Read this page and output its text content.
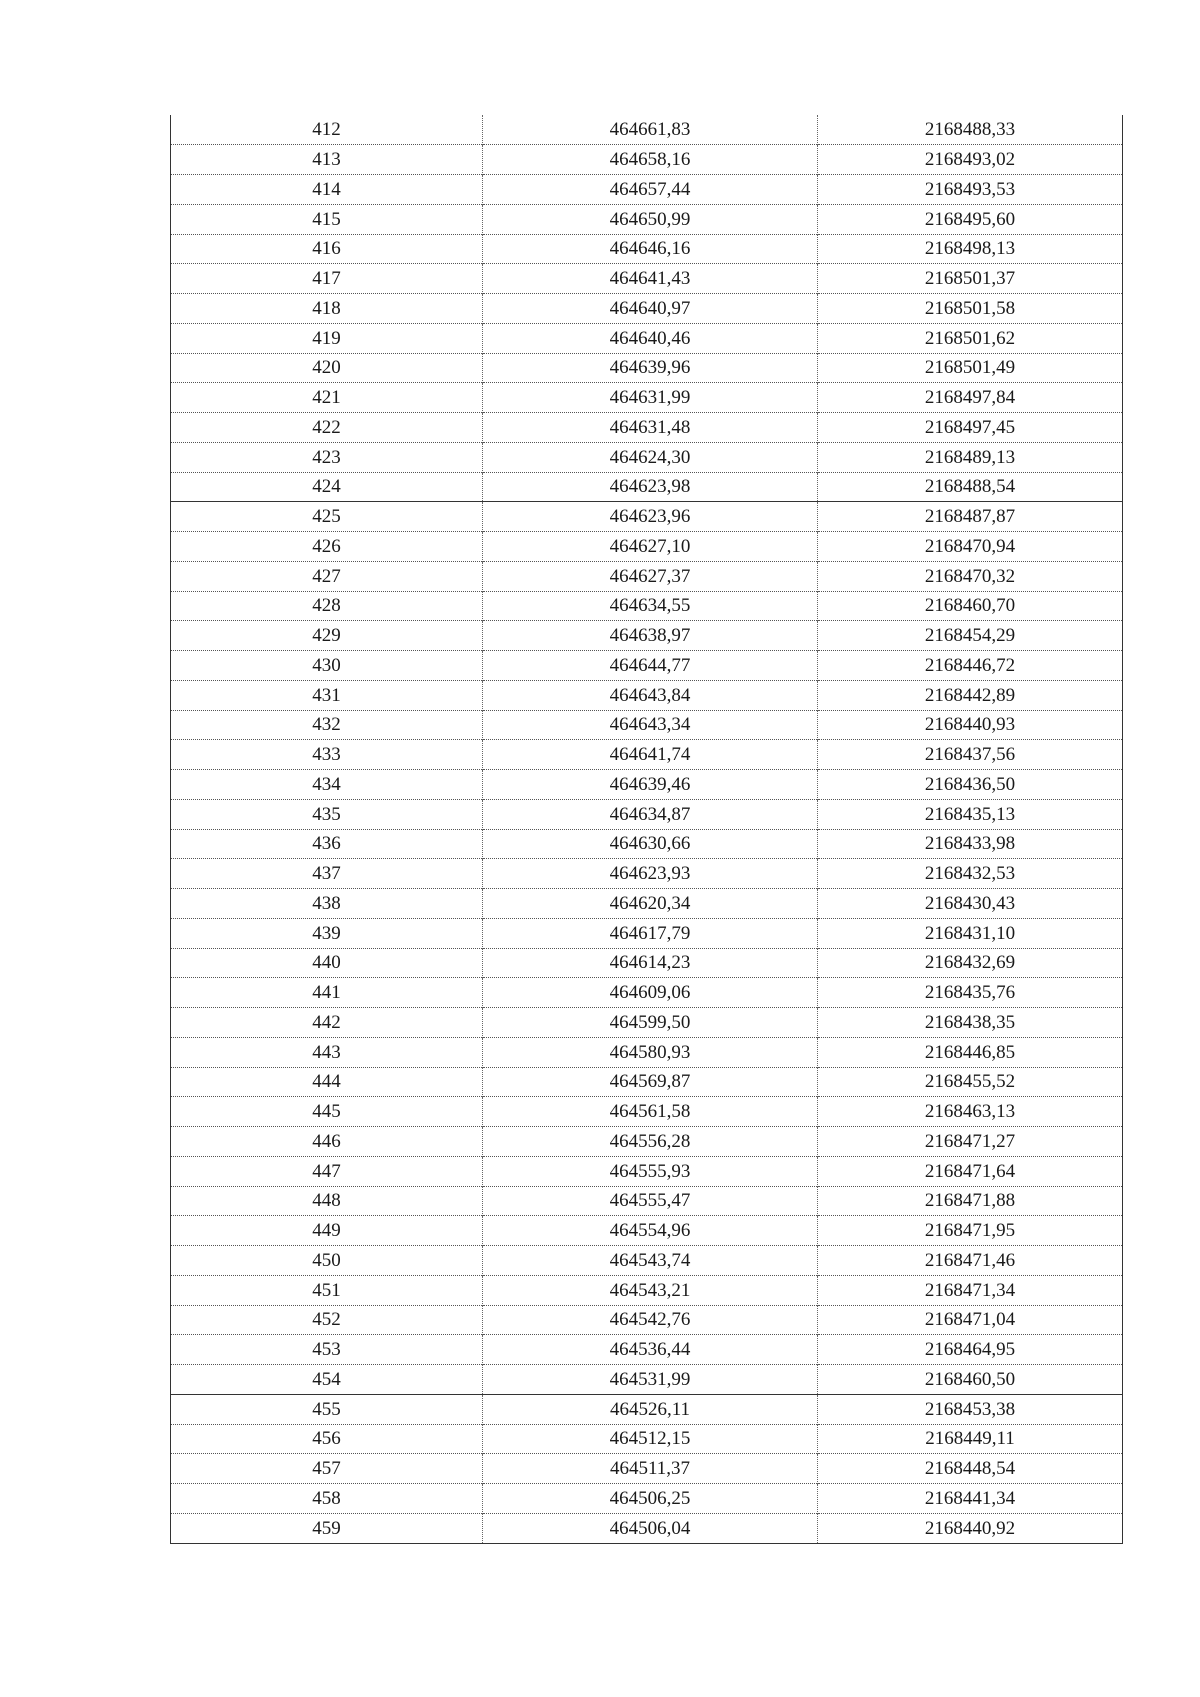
412	464661,83	2168488,33
413	464658,16	2168493,02
414	464657,44	2168493,53
415	464650,99	2168495,60
416	464646,16	2168498,13
417	464641,43	2168501,37
418	464640,97	2168501,58
419	464640,46	2168501,62
420	464639,96	2168501,49
421	464631,99	2168497,84
422	464631,48	2168497,45
423	464624,30	2168489,13
424	464623,98	2168488,54
425	464623,96	2168487,87
426	464627,10	2168470,94
427	464627,37	2168470,32
428	464634,55	2168460,70
429	464638,97	2168454,29
430	464644,77	2168446,72
431	464643,84	2168442,89
432	464643,34	2168440,93
433	464641,74	2168437,56
434	464639,46	2168436,50
435	464634,87	2168435,13
436	464630,66	2168433,98
437	464623,93	2168432,53
438	464620,34	2168430,43
439	464617,79	2168431,10
440	464614,23	2168432,69
441	464609,06	2168435,76
442	464599,50	2168438,35
443	464580,93	2168446,85
444	464569,87	2168455,52
445	464561,58	2168463,13
446	464556,28	2168471,27
447	464555,93	2168471,64
448	464555,47	2168471,88
449	464554,96	2168471,95
450	464543,74	2168471,46
451	464543,21	2168471,34
452	464542,76	2168471,04
453	464536,44	2168464,95
454	464531,99	2168460,50
455	464526,11	2168453,38
456	464512,15	2168449,11
457	464511,37	2168448,54
458	464506,25	2168441,34
459	464506,04	2168440,92
